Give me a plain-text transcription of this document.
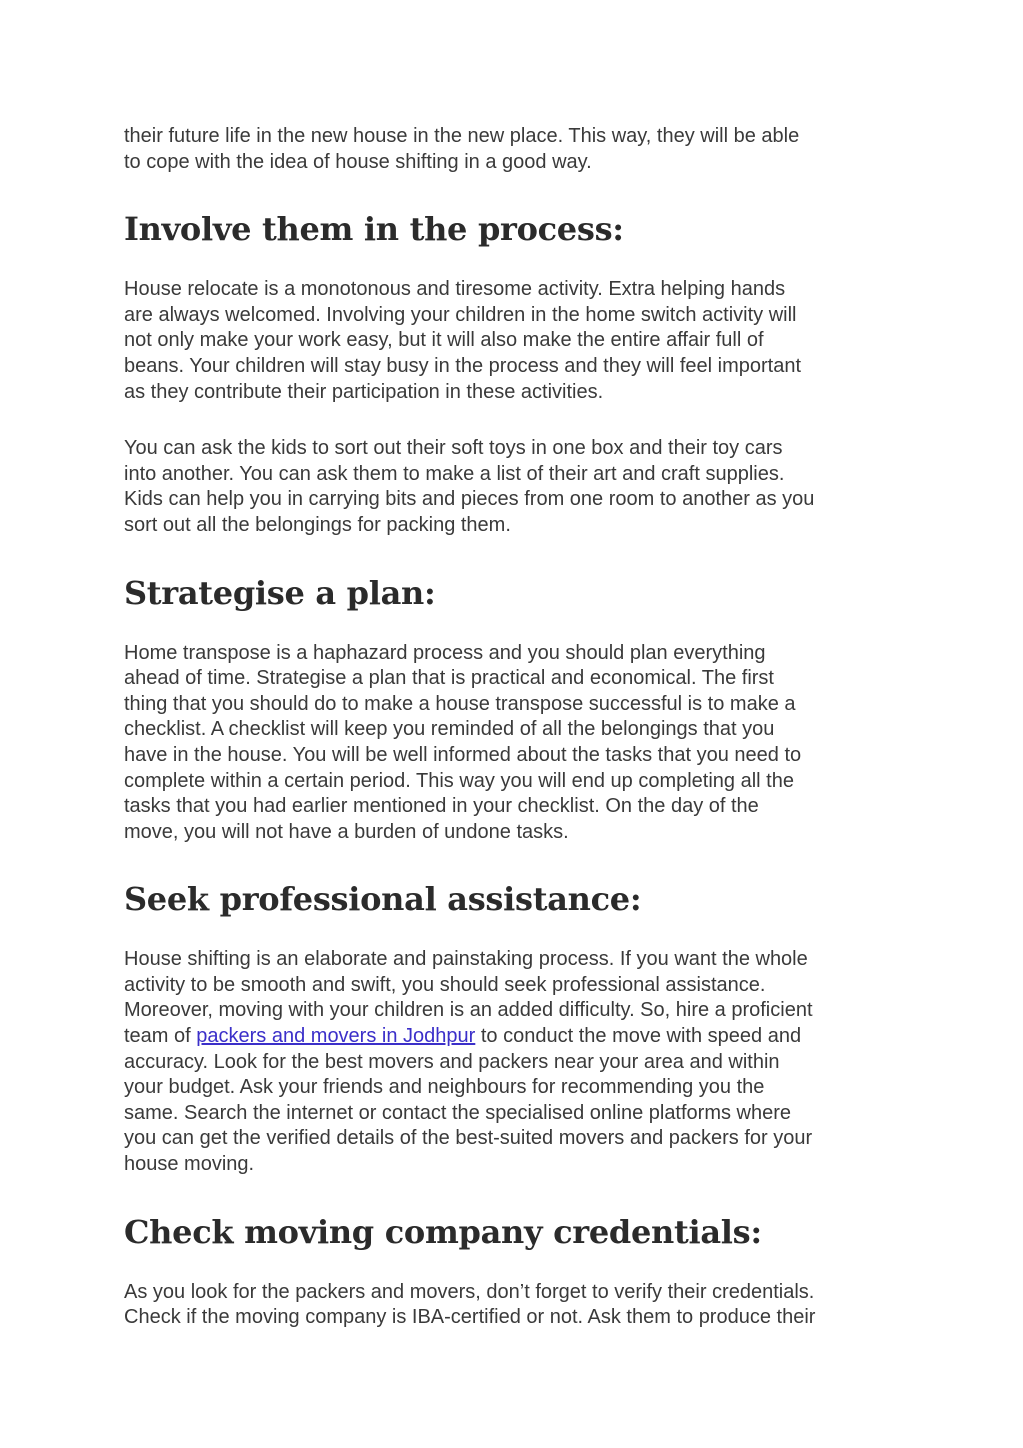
their future life in the new house in the new place. This way, they will be able
to cope with the idea of house shifting in a good way.

Involve them in the process:

House relocate is a monotonous and tiresome activity. Extra helping hands
are always welcomed. Involving your children in the home switch activity will
not only make your work easy, but it will also make the entire affair full of
beans. Your children will stay busy in the process and they will feel important
as they contribute their participation in these activities.

You can ask the kids to sort out their soft toys in one box and their toy cars
into another. You can ask them to make a list of their art and craft supplies.
Kids can help you in carrying bits and pieces from one room to another as you
sort out all the belongings for packing them.

Strategise a plan:

Home transpose is a haphazard process and you should plan everything
ahead of time. Strategise a plan that is practical and economical. The first
thing that you should do to make a house transpose successful is to make a
checklist. A checklist will keep you reminded of all the belongings that you
have in the house. You will be well informed about the tasks that you need to
complete within a certain period. This way you will end up completing all the
tasks that you had earlier mentioned in your checklist. On the day of the
move, you will not have a burden of undone tasks.

Seek professional assistance:

House shifting is an elaborate and painstaking process. If you want the whole
activity to be smooth and swift, you should seek professional assistance.
Moreover, moving with your children is an added difficulty. So, hire a proficient
team of packers and movers in Jodhpur to conduct the move with speed and
accuracy. Look for the best movers and packers near your area and within
your budget. Ask your friends and neighbours for recommending you the
same. Search the internet or contact the specialised online platforms where
you can get the verified details of the best-suited movers and packers for your
house moving.

Check moving company credentials:

As you look for the packers and movers, don’t forget to verify their credentials.
Check if the moving company is IBA-certified or not. Ask them to produce their
